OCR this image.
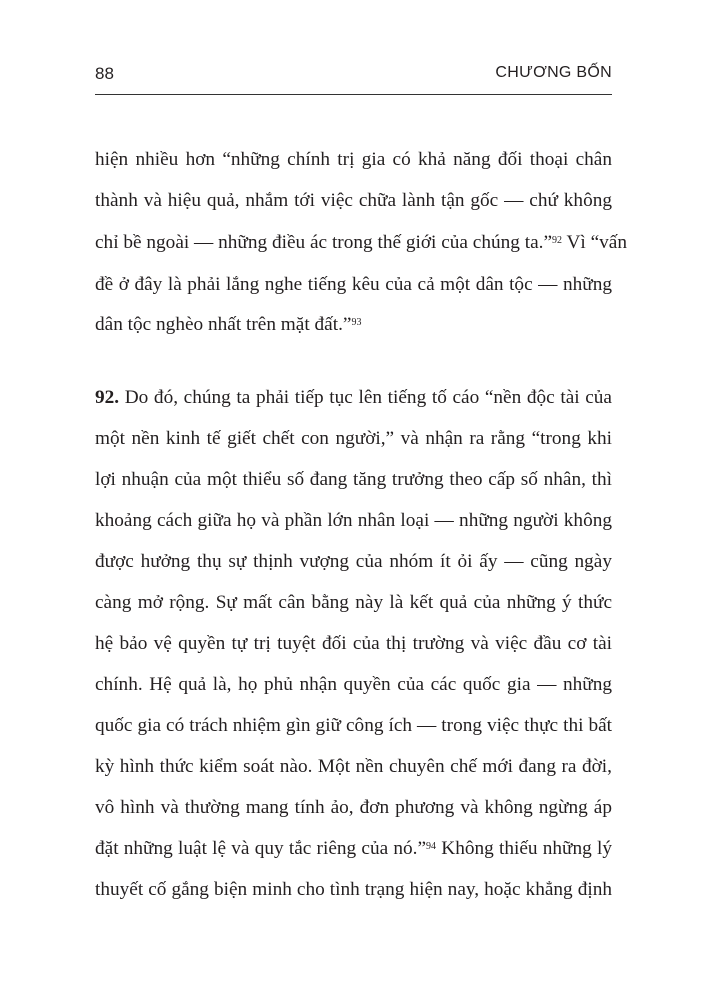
88	CHƯƠNG BỐN
hiện nhiều hơn “những chính trị gia có khả năng đối thoại chân
thành và hiệu quả, nhắm tới việc chữa lành tận gốc — chứ không
chỉ bề ngoài — những điều ác trong thế giới của chúng ta.”$^{92}$ Vì “vấn
đề ở đây là phải lắng nghe tiếng kêu của cả một dân tộc — những
dân tộc nghèo nhất trên mặt đất.”$^{93}$
92. Do đó, chúng ta phải tiếp tục lên tiếng tố cáo “nền độc tài của
một nền kinh tế giết chết con người,” và nhận ra rằng “trong khi
lợi nhuận của một thiểu số đang tăng trưởng theo cấp số nhân, thì
khoảng cách giữa họ và phần lớn nhân loại — những người không
được hưởng thụ sự thịnh vượng của nhóm ít ỏi ấy — cũng ngày
càng mở rộng. Sự mất cân bằng này là kết quả của những ý thức
hệ bảo vệ quyền tự trị tuyệt đối của thị trường và việc đầu cơ tài
chính. Hệ quả là, họ phủ nhận quyền của các quốc gia — những
quốc gia có trách nhiệm gìn giữ công ích — trong việc thực thi bất
kỳ hình thức kiểm soát nào. Một nền chuyên chế mới đang ra đời,
vô hình và thường mang tính ảo, đơn phương và không ngừng áp
đặt những luật lệ và quy tắc riêng của nó.”$^{94}$ Không thiếu những lý
thuyết cố gắng biện minh cho tình trạng hiện nay, hoặc khẳng định
